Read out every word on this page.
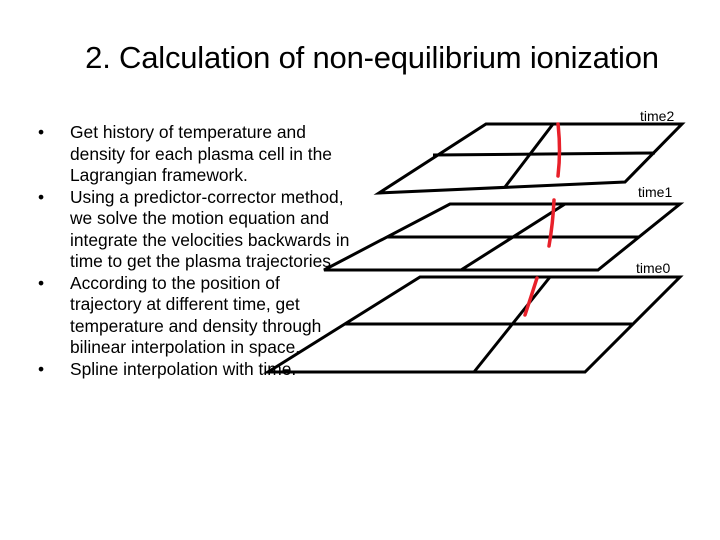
2. Calculation of non-equilibrium ionization
•	Get history of temperature and density for each plasma cell in the Lagrangian framework.
•	Using a predictor-corrector method, we solve the motion equation and integrate the velocities backwards in time to get the plasma trajectories
•	According to the position of trajectory at different time, get temperature and density through bilinear interpolation in space.
•	Spline interpolation with time.
time2
time1
time0
